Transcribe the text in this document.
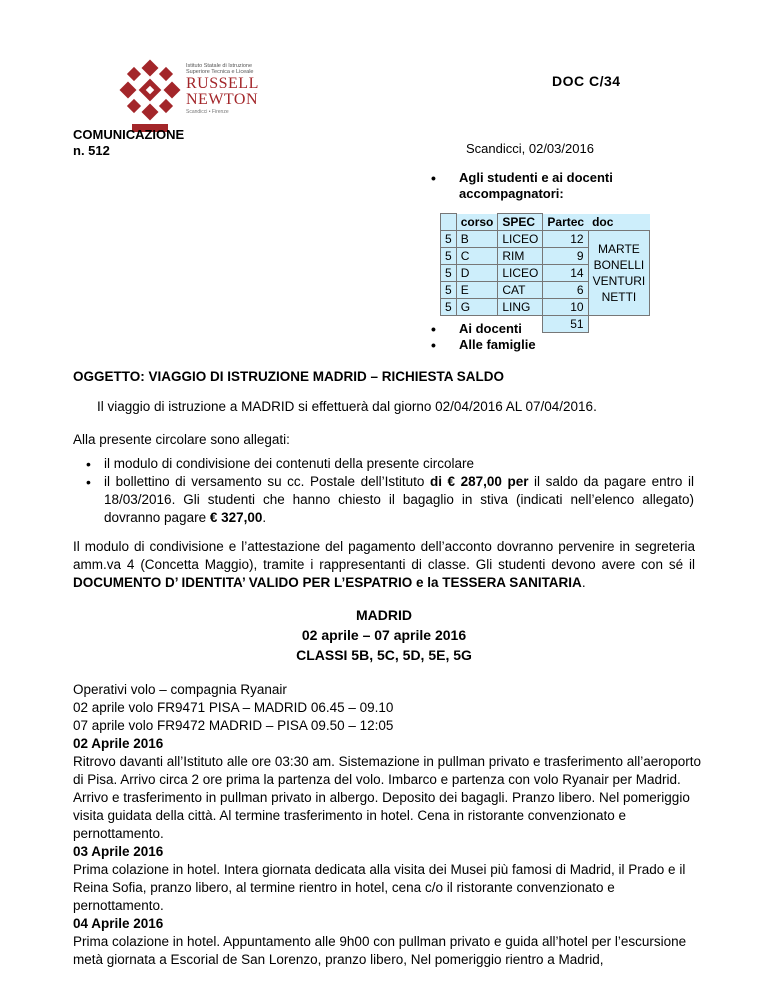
Istituto Statale di Istruzione
Superiore Tecnica e Liceale
RUSSELL
NEWTON
Scandicci • Firenze
DOC C/34
COMUNICAZIONE
n. 512	Scandicci, 02/03/2016
• Agli studenti e ai docenti
accompagnatori:
	corso	SPEC	Partec	doc
5	B	LICEO	12	MARTE
BONELLI
VENTURI
NETTI

5	C	RIM	9	
5	D	LICEO	14	
5	E	CAT	6	
5	G	LING	10	
			51	
• Ai docenti
• Alle famiglie
OGGETTO: VIAGGIO DI ISTRUZIONE MADRID – RICHIESTA SALDO
Il viaggio di istruzione a MADRID si effettuerà dal giorno 02/04/2016 AL 07/04/2016.
Alla presente circolare sono allegati:
• il modulo di condivisione dei contenuti della presente circolare
• il bollettino di versamento su cc. Postale dell’Istituto di € 287,00 per il saldo da pagare entro il 18/03/2016. Gli studenti che hanno chiesto il bagaglio in stiva (indicati nell’elenco allegato) dovranno pagare € 327,00.
Il modulo di condivisione e l’attestazione del pagamento dell’acconto dovranno pervenire in segreteria amm.va 4 (Concetta Maggio), tramite i rappresentanti di classe. Gli studenti devono avere con sé il DOCUMENTO D’ IDENTITA’ VALIDO PER L’ESPATRIO e la TESSERA SANITARIA.
MADRID
02 aprile – 07 aprile 2016
CLASSI 5B, 5C, 5D, 5E, 5G
Operativi volo – compagnia Ryanair
02 aprile volo FR9471 PISA – MADRID 06.45 – 09.10
07 aprile volo FR9472 MADRID – PISA 09.50 – 12:05
02 Aprile 2016
Ritrovo davanti all’Istituto alle ore 03:30 am. Sistemazione in pullman privato e trasferimento all’aeroporto di Pisa. Arrivo circa 2 ore prima la partenza del volo. Imbarco e partenza con volo Ryanair per Madrid. Arrivo e trasferimento in pullman privato in albergo. Deposito dei bagagli. Pranzo libero. Nel pomeriggio visita guidata della città. Al termine trasferimento in hotel. Cena in ristorante convenzionato e pernottamento.
03 Aprile 2016
Prima colazione in hotel. Intera giornata dedicata alla visita dei Musei più famosi di Madrid, il Prado e il Reina Sofia, pranzo libero, al termine rientro in hotel, cena c/o il ristorante convenzionato e pernottamento.
04 Aprile 2016
Prima colazione in hotel. Appuntamento alle 9h00 con pullman privato e guida all’hotel per l’escursione metà giornata a Escorial de San Lorenzo, pranzo libero, Nel pomeriggio rientro a Madrid,
